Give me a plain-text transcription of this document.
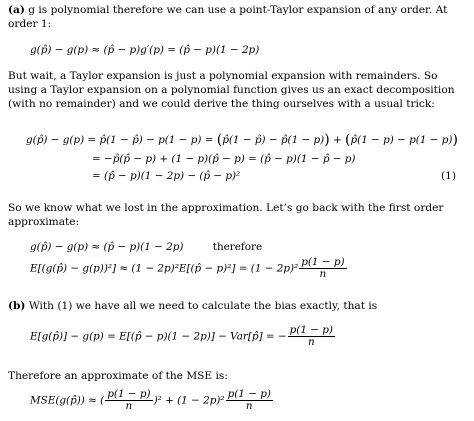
(a) g is polynomial therefore we can use a point-Taylor expansion of any order. At order 1:

g(p̂) − g(p) ≈ (p̂ − p)g′(p) = (p̂ − p)(1 − 2p)

But wait, a Taylor expansion is just a polynomial expansion with remainders. So using a Taylor expansion on a polynomial function gives us an exact decomposition (with no remainder) and we could derive the thing ourselves with a usual trick:

g(p̂) − g(p) = p̂(1 − p̂) − p(1 − p) = (p̂(1 − p̂) − p̂(1 − p)) + (p̂(1 − p) − p(1 − p))
= −p̂(p̂ − p) + (1 − p)(p̂ − p) = (p̂ − p)(1 − p̂ − p)
= (p̂ − p)(1 − 2p) − (p̂ − p)²	(1)

So we know what we lost in the approximation. Let’s go back with the first order approximate:

g(p̂) − g(p) ≈ (p̂ − p)(1 − 2p)	therefore
E[(g(p̂) − g(p))²] ≈ (1 − 2p)²E[(p̂ − $p)^2] = (1 - 2p)^2 \frac{p(1 - p)}{n}$

(b) With (1) we have all we need to calculate the bias exactly, that is

E[g(p̂)] − g(p) = E[(p̂ − p)(1 − 2p)] − Var[p̂] = − $\frac{p(1 - p)}{n}$

Therefore an approximate of the MSE is:

MSE(g(p̂)) ≈ ( $\frac{p(1 - p)}{n} )^2 + (1 - 2p)^2 \frac{p(1 - p)}{n}$
